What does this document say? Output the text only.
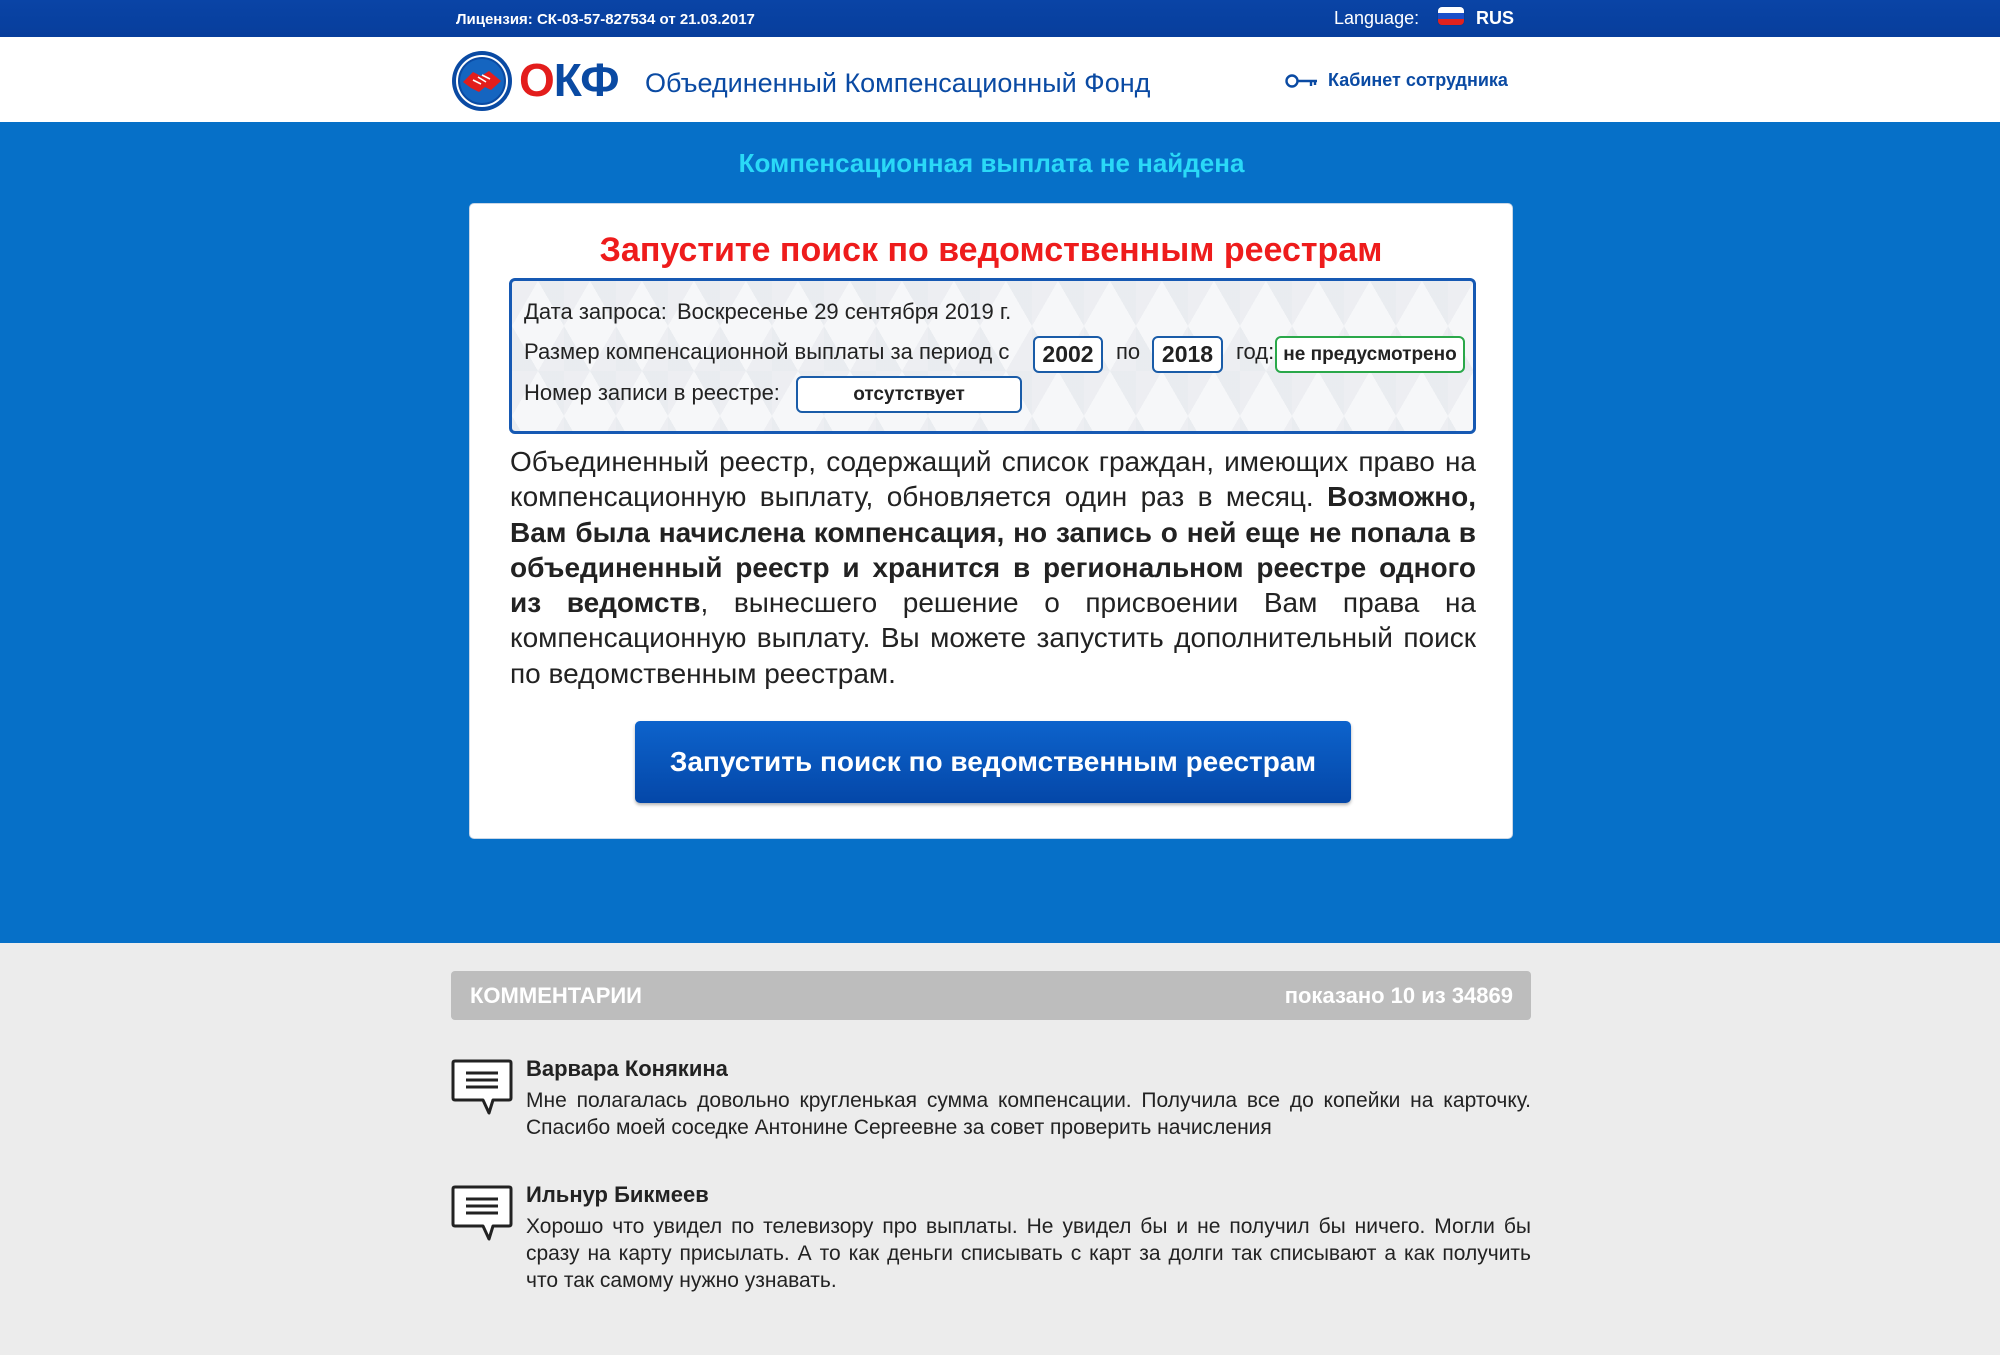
Лицензия: СК-03-57-827534 от 21.03.2017	Language:	RUS
ОКФ Объединенный Компенсационный Фонд	Кабинет сотрудника
Компенсационная выплата не найдена
Запустите поиск по ведомственным реестрам
Дата запроса: Воскресенье 29 сентября 2019 г.
Размер компенсационной выплаты за период с	2002	по 2018	год: не предусмотрено
Номер записи в реестре:	отсутствует
Объединенный реестр, содержащий список граждан, имеющих право на компенсационную выплату, обновляется один раз в месяц. Возможно, Вам была начислена компенсация, но запись о ней еще не попала в объединенный реестр и хранится в региональном реестре одного из ведомств, вынесшего решение о присвоении Вам права на компенсационную выплату. Вы можете запустить дополнительный поиск по ведомственным реестрам.
Запустить поиск по ведомственным реестрам
КОММЕНТАРИИ	показано 10 из 34869
Варвара Конякина
Мне полагалась довольно кругленькая сумма компенсации. Получила все до копейки на карточку. Спасибо моей соседке Антонине Сергеевне за совет проверить начисления
Ильнур Бикмеев
Хорошо что увидел по телевизору про выплаты. Не увидел бы и не получил бы ничего. Могли бы сразу на карту присылать. А то как деньги списывать с карт за долги так списывают а как получить что так самому нужно узнавать.
